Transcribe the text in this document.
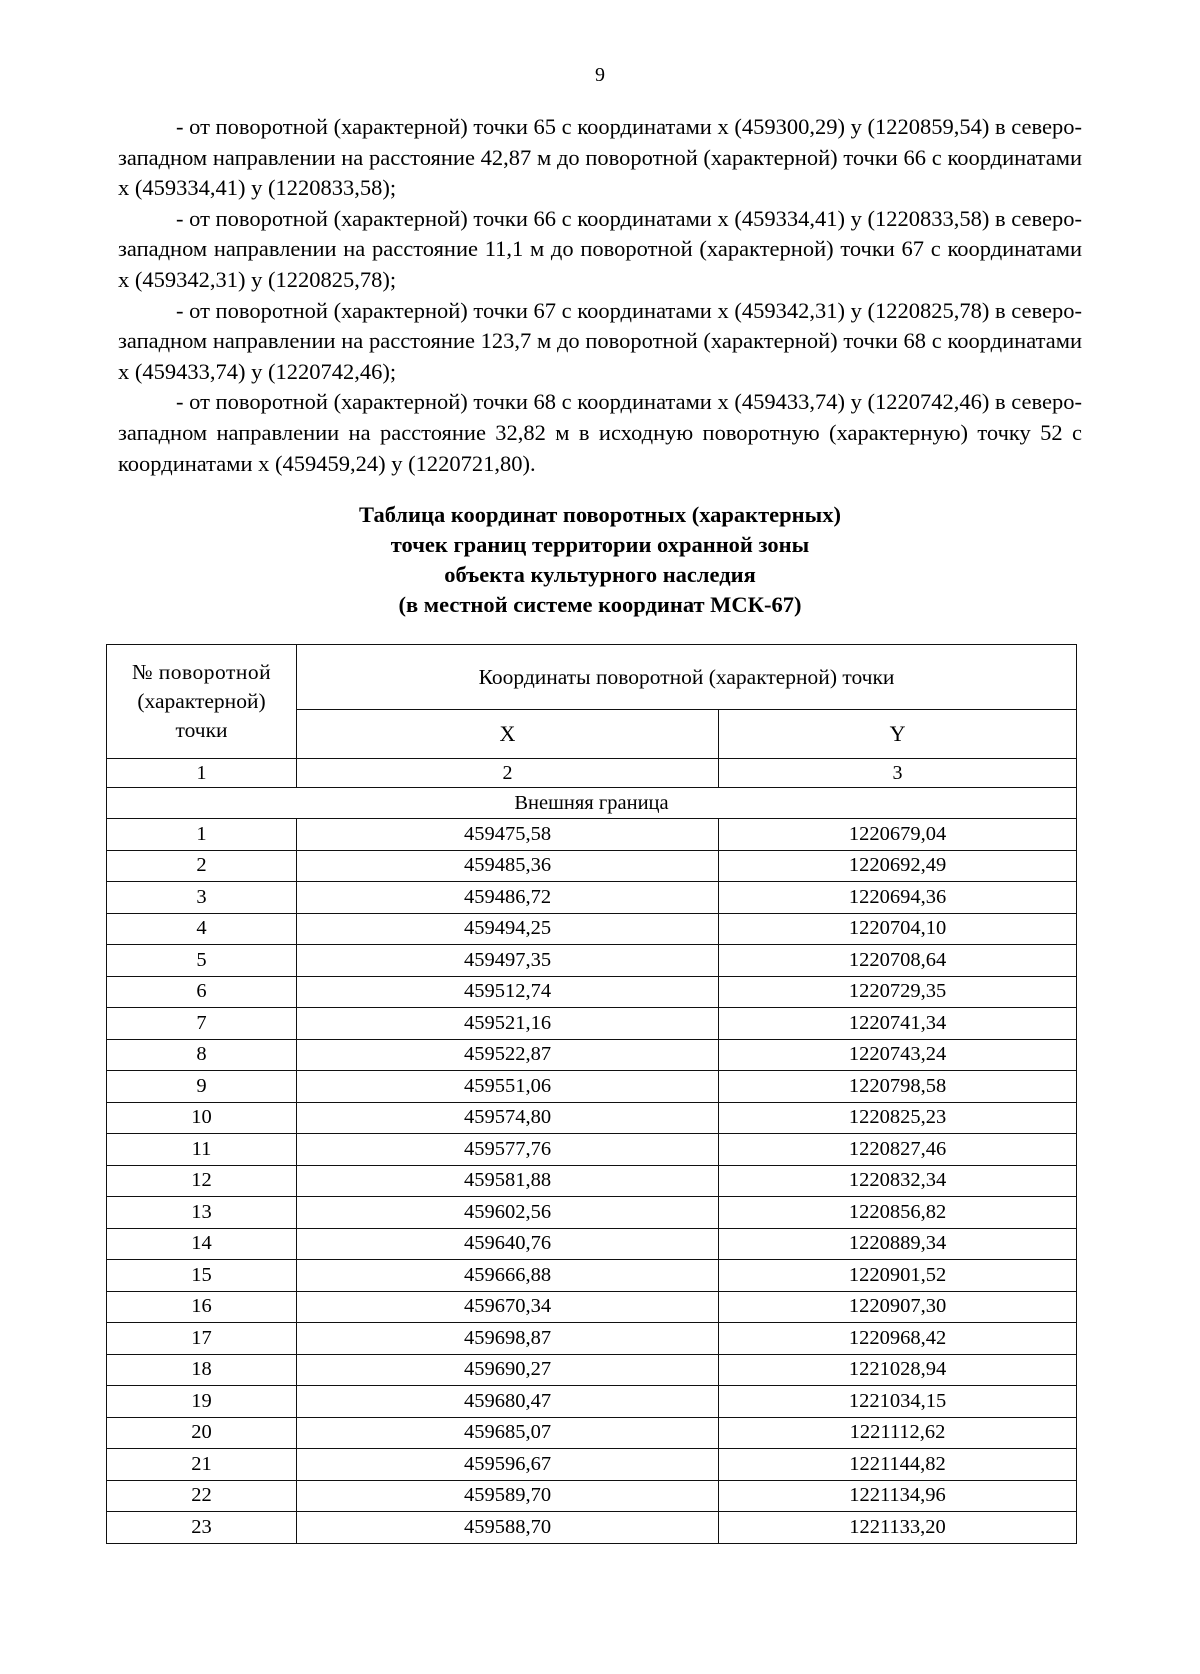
9

- от поворотной (характерной) точки 65 с координатами х (459300,29) у (1220859,54) в северо-западном направлении на расстояние 42,87 м до поворотной (характерной) точки 66 с координатами х (459334,41) у (1220833,58);

- от поворотной (характерной) точки 66 с координатами х (459334,41) у (1220833,58) в северо-западном направлении на расстояние 11,1 м до поворотной (характерной) точки 67 с координатами х (459342,31) у (1220825,78);

- от поворотной (характерной) точки 67 с координатами х (459342,31) у (1220825,78) в северо-западном направлении на расстояние 123,7 м до поворотной (характерной) точки 68 с координатами х (459433,74) у (1220742,46);

- от поворотной (характерной) точки 68 с координатами х (459433,74) у (1220742,46) в северо-западном направлении на расстояние 32,82 м в исходную поворотную (характерную) точку 52 с координатами х (459459,24) у (1220721,80).

Таблица координат поворотных (характерных)
точек границ территории охранной зоны
объекта культурного наследия
(в местной системе координат МСК-67)
№ поворотной
(характерной)
точки	Координаты поворотной (характерной) точки	
	X	Y
1	2	3
Внешняя граница		
1	459475,58	1220679,04
2	459485,36	1220692,49
3	459486,72	1220694,36
4	459494,25	1220704,10
5	459497,35	1220708,64
6	459512,74	1220729,35
7	459521,16	1220741,34
8	459522,87	1220743,24
9	459551,06	1220798,58
10	459574,80	1220825,23
11	459577,76	1220827,46
12	459581,88	1220832,34
13	459602,56	1220856,82
14	459640,76	1220889,34
15	459666,88	1220901,52
16	459670,34	1220907,30
17	459698,87	1220968,42
18	459690,27	1221028,94
19	459680,47	1221034,15
20	459685,07	1221112,62
21	459596,67	1221144,82
22	459589,70	1221134,96
23	459588,70	1221133,20
